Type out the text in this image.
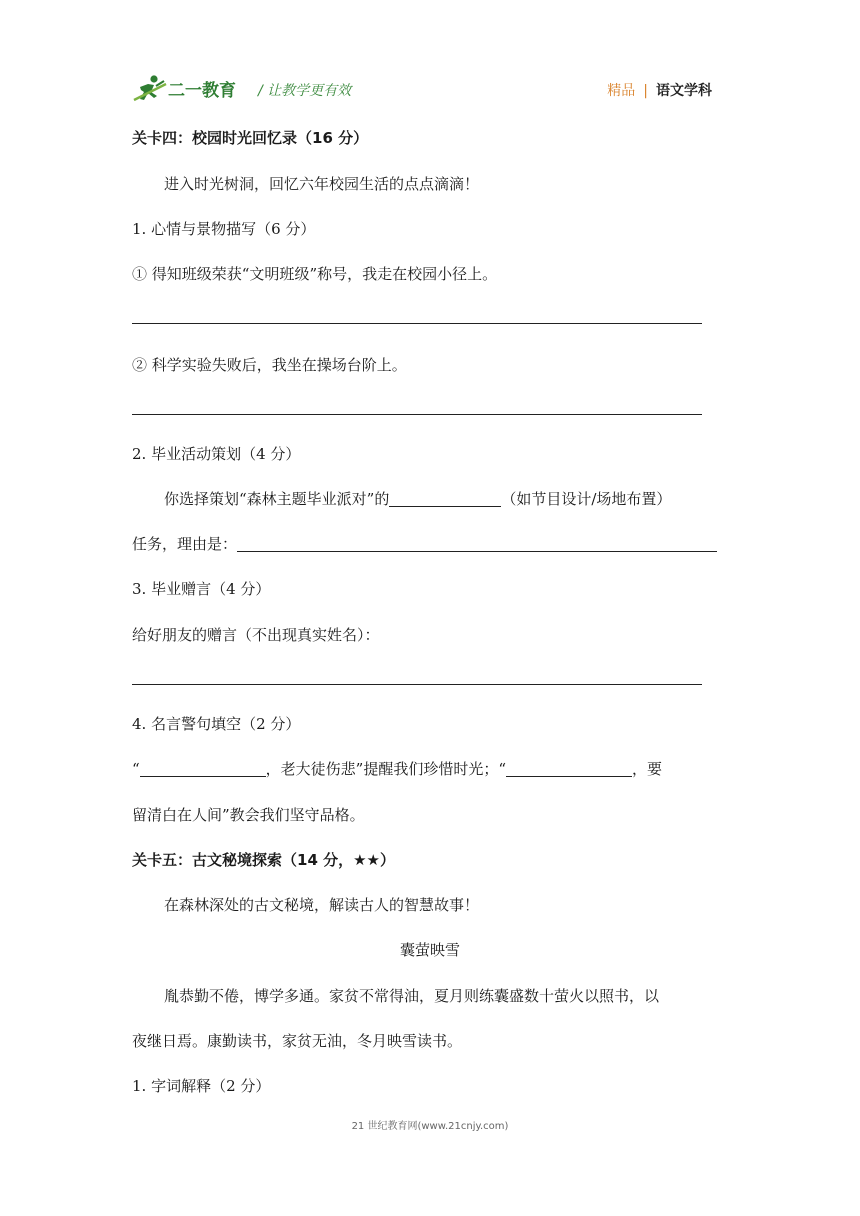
二一教育 / 让教学更有效	精品 | 语文学科
关卡四：校园时光回忆录（16 分）
进入时光树洞，回忆六年校园生活的点点滴滴！
1. 心情与景物描写（6 分）
① 得知班级荣获“文明班级”称号，我走在校园小径上。
② 科学实验失败后，我坐在操场台阶上。
2. 毕业活动策划（4 分）
你选择策划“森林主题毕业派对”的	（如节目设计/场地布置）
任务，理由是：
3. 毕业赠言（4 分）
给好朋友的赠言（不出现真实姓名）：
4. 名言警句填空（2 分）
“	，老大徒伤悲”提醒我们珍惜时光；“	，要
留清白在人间”教会我们坚守品格。
关卡五：古文秘境探索（14 分，★★）
在森林深处的古文秘境，解读古人的智慧故事！
囊萤映雪
胤恭勤不倦，博学多通。家贫不常得油，夏月则练囊盛数十萤火以照书，以
夜继日焉。康勤读书，家贫无油，冬月映雪读书。
1. 字词解释（2 分）
21 世纪教育网(www.21cnjy.com)
